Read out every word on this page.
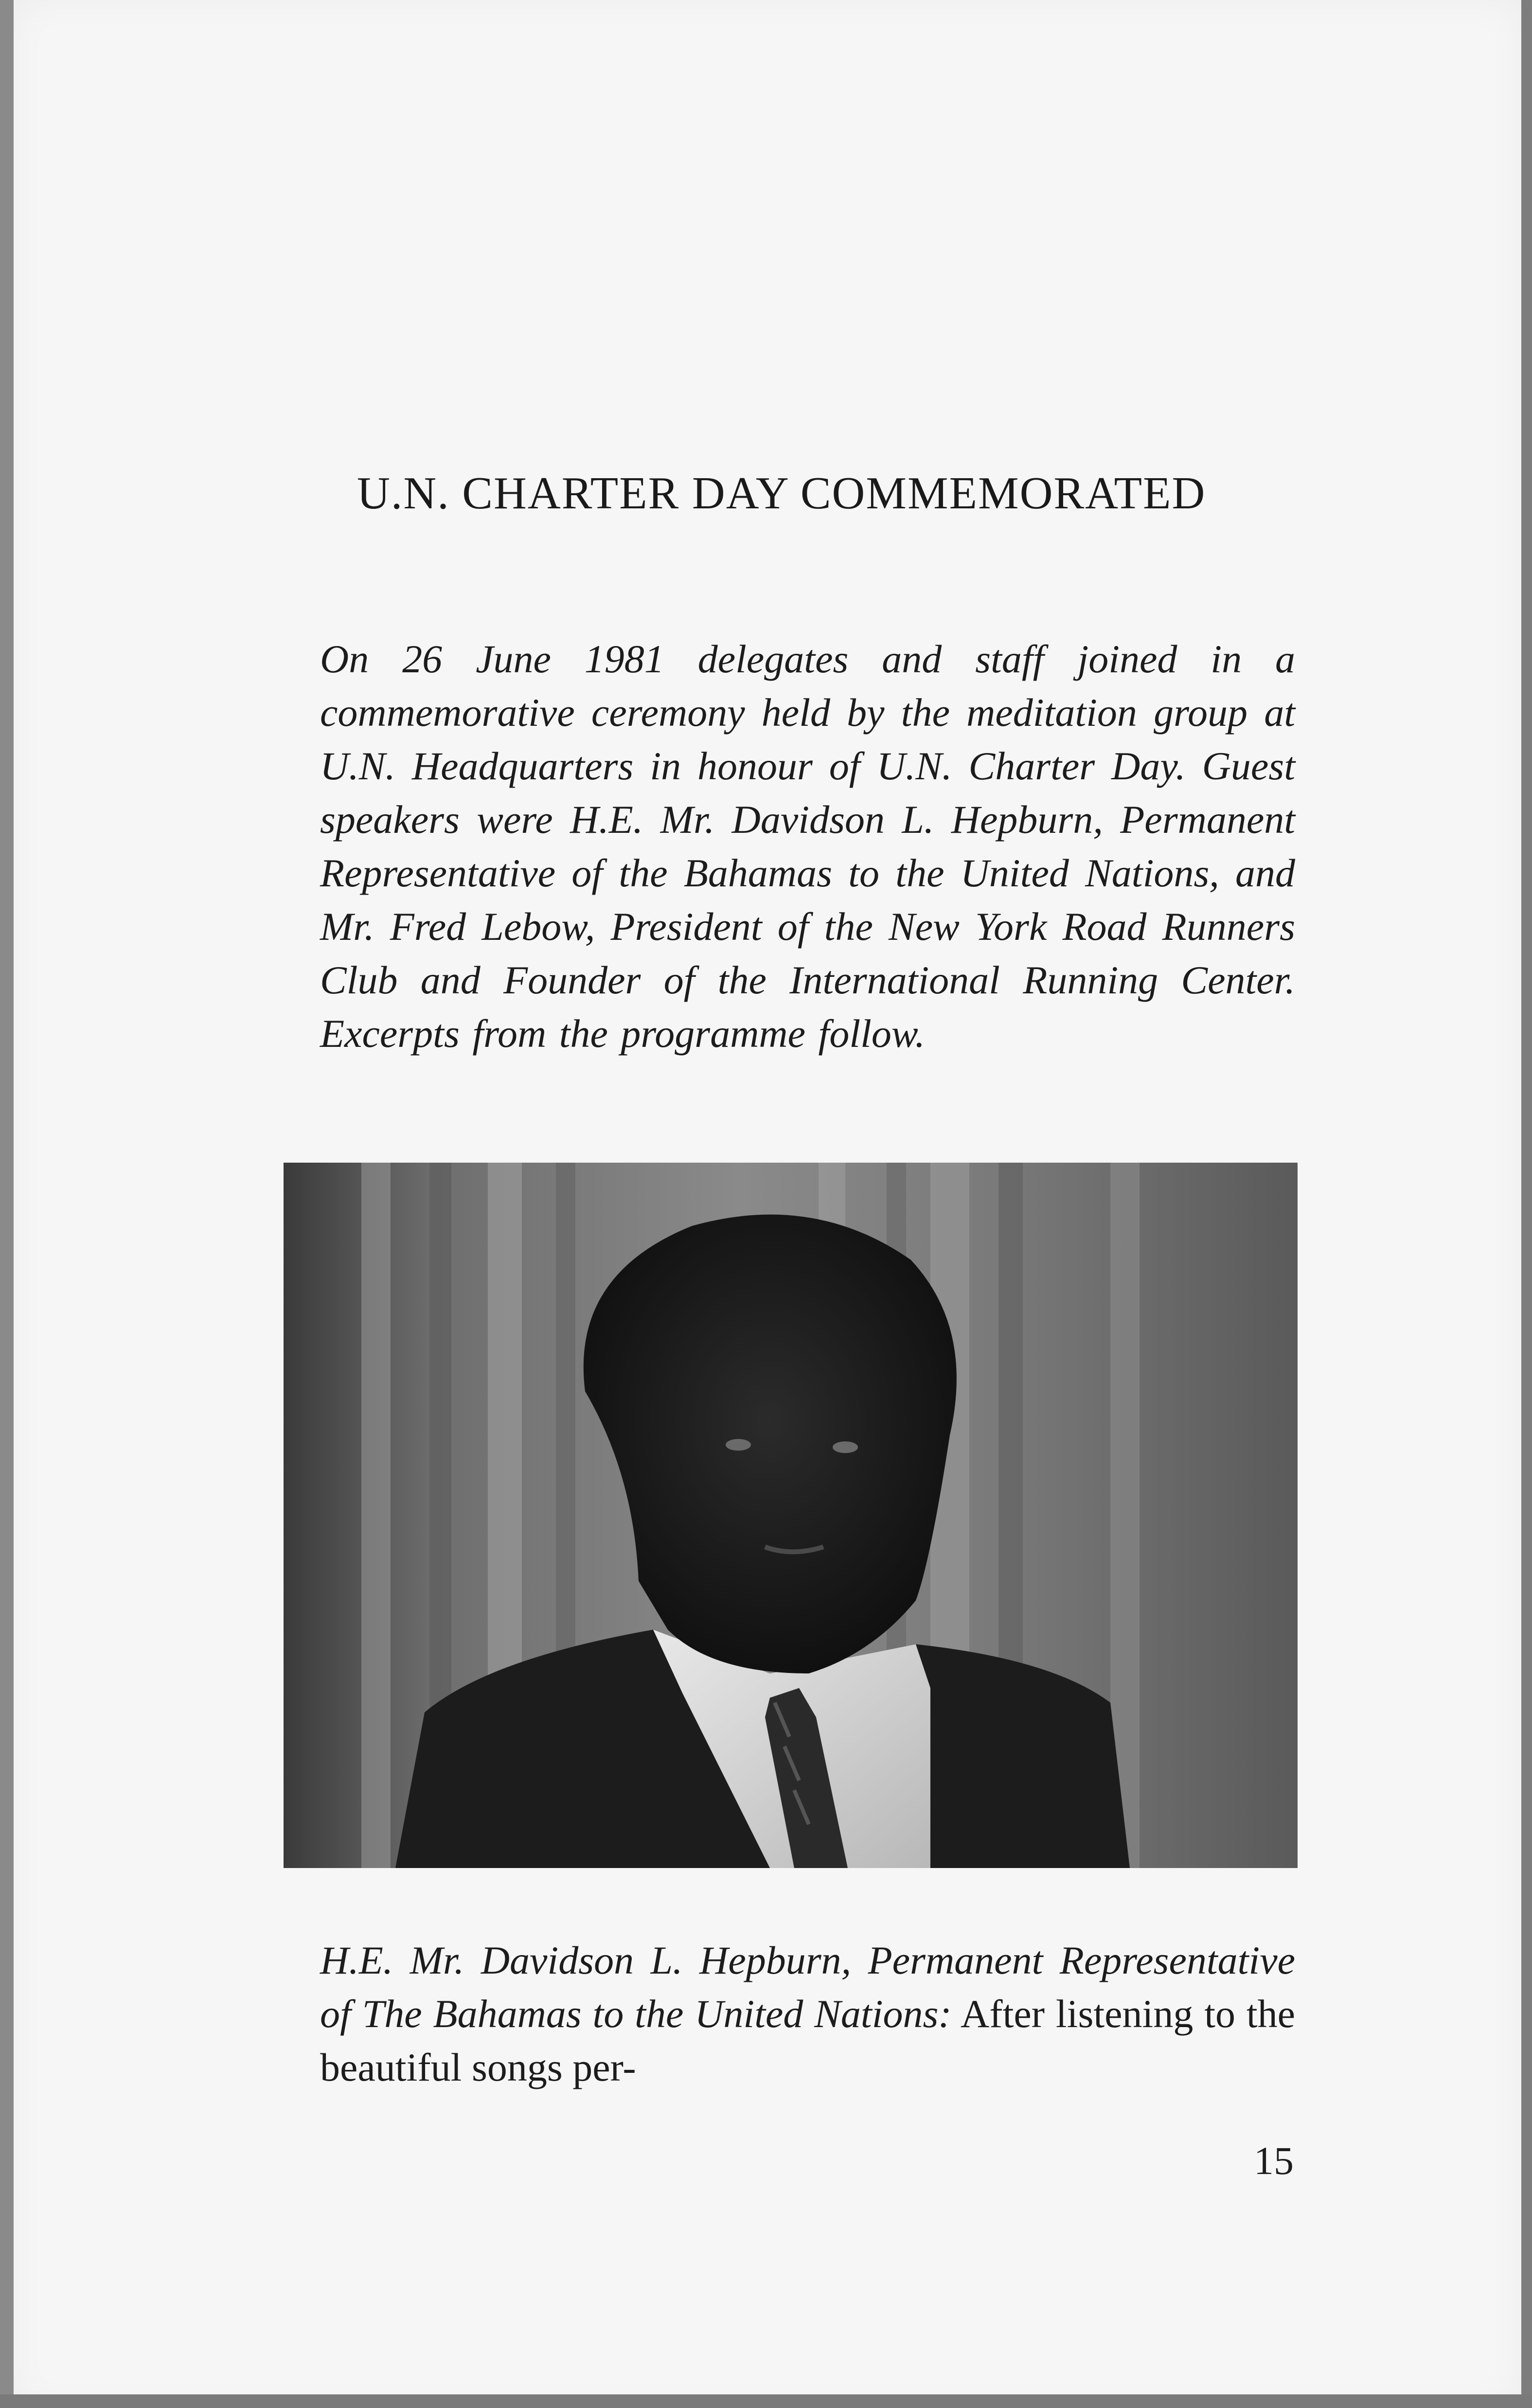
U.N. CHARTER DAY COMMEMORATED

On 26 June 1981 delegates and staff joined in a commemorative ceremony held by the meditation group at U.N. Headquarters in honour of U.N. Charter Day. Guest speakers were H.E. Mr. Davidson L. Hepburn, Permanent Representative of the Bahamas to the United Nations, and Mr. Fred Lebow, President of the New York Road Runners Club and Founder of the International Running Center. Excerpts from the programme follow.

H.E. Mr. Davidson L. Hepburn, Permanent Representative of The Bahamas to the United Nations: After listening to the beautiful songs per-

15
